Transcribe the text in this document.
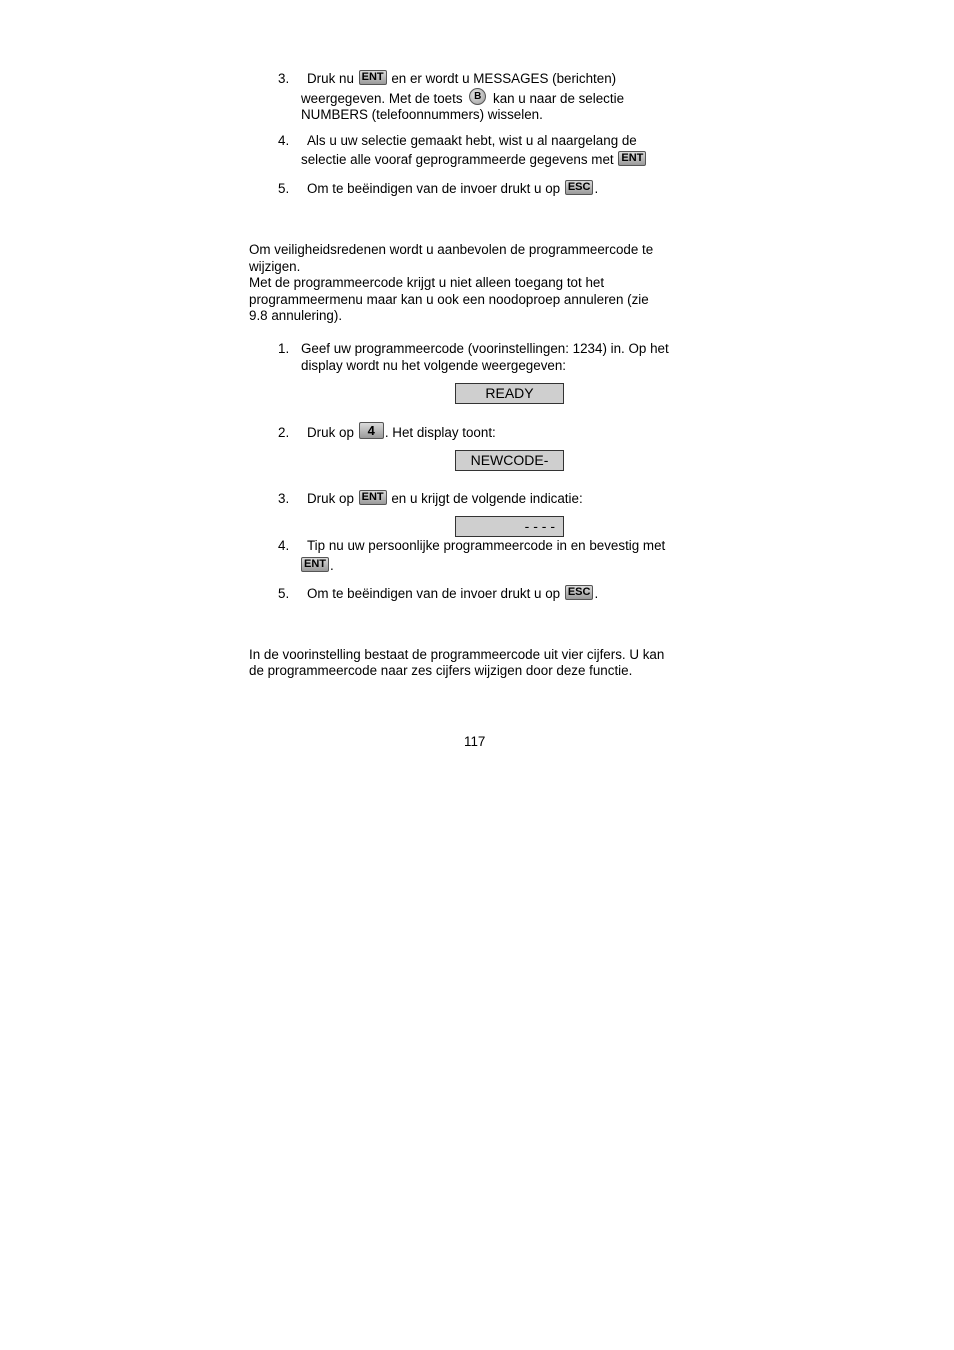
3. Druk nu ENT en er wordt u MESSAGES (berichten)
weergegeven. Met de toets B kan u naar de selectie
NUMBERS (telefoonnummers) wisselen.
4. Als u uw selectie gemaakt hebt, wist u al naargelang de
selectie alle vooraf geprogrammeerde gegevens met ENT
5. Om te beëindigen van de invoer drukt u op ESC .
Om veiligheidsredenen wordt u aanbevolen de programmeercode te
wijzigen.
Met de programmeercode krijgt u niet alleen toegang tot het
programmeermenu maar kan u ook een noodoproep annuleren (zie
9.8 annulering).
1. Geef uw programmeercode (voorinstellingen: 1234) in. Op het
display wordt nu het volgende weergegeven:
READY
2. Druk op 4 . Het display toont:
NEWCODE-
3. Druk op ENT en u krijgt de volgende indicatie:
- - - -
4. Tip nu uw persoonlijke programmeercode in en bevestig met
ENT .
5. Om te beëindigen van de invoer drukt u op ESC .
In de voorinstelling bestaat de programmeercode uit vier cijfers. U kan
de programmeercode naar zes cijfers wijzigen door deze functie.
117
